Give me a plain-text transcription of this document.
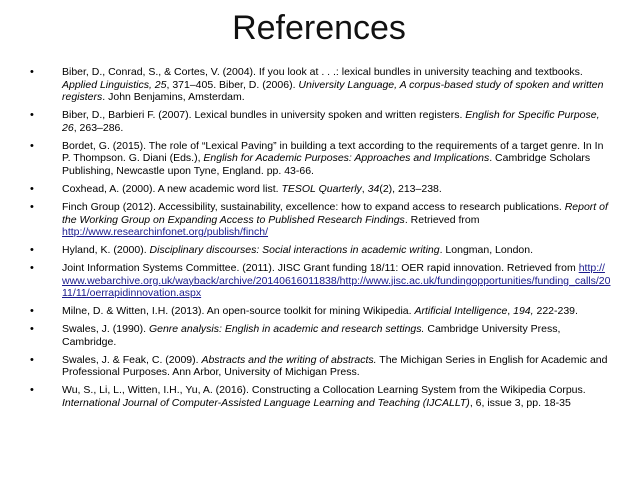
References
• Biber, D., Conrad, S., & Cortes, V. (2004). If you look at . . .: lexical bundles in university teaching and textbooks. Applied Linguistics, 25, 371–405. Biber, D. (2006). University Language, A corpus-based study of spoken and written registers. John Benjamins, Amsterdam.
• Biber, D., Barbieri F. (2007). Lexical bundles in university spoken and written registers. English for Specific Purpose, 26, 263–286.
• Bordet, G. (2015). The role of “Lexical Paving” in building a text according to the requirements of a target genre. In In P. Thompson. G. Diani (Eds.), English for Academic Purposes: Approaches and Implications. Cambridge Scholars Publishing, Newcastle upon Tyne, England. pp. 43-66.
• Coxhead, A. (2000). A new academic word list. TESOL Quarterly, 34(2), 213–238.
• Finch Group (2012). Accessibility, sustainability, excellence: how to expand access to research publications. Report of the Working Group on Expanding Access to Published Research Findings. Retrieved from http://www.researchinfonet.org/publish/finch/
• Hyland, K. (2000). Disciplinary discourses: Social interactions in academic writing. Longman, London.
• Joint Information Systems Committee. (2011). JISC Grant funding 18/11: OER rapid innovation. Retrieved from http://www.webarchive.org.uk/wayback/archive/20140616011838/http://www.jisc.ac.uk/fundingopportunities/funding_calls/2011/11/oerrapidinnovation.aspx
• Milne, D. & Witten, I.H. (2013). An open-source toolkit for mining Wikipedia. Artificial Intelligence, 194, 222-239.
• Swales, J. (1990). Genre analysis: English in academic and research settings. Cambridge University Press, Cambridge.
• Swales, J. & Feak, C. (2009). Abstracts and the writing of abstracts. The Michigan Series in English for Academic and Professional Purposes. Ann Arbor, University of Michigan Press.
• Wu, S., Li, L., Witten, I.H., Yu, A. (2016). Constructing a Collocation Learning System from the Wikipedia Corpus. International Journal of Computer-Assisted Language Learning and Teaching (IJCALLT), 6, issue 3, pp. 18-35
